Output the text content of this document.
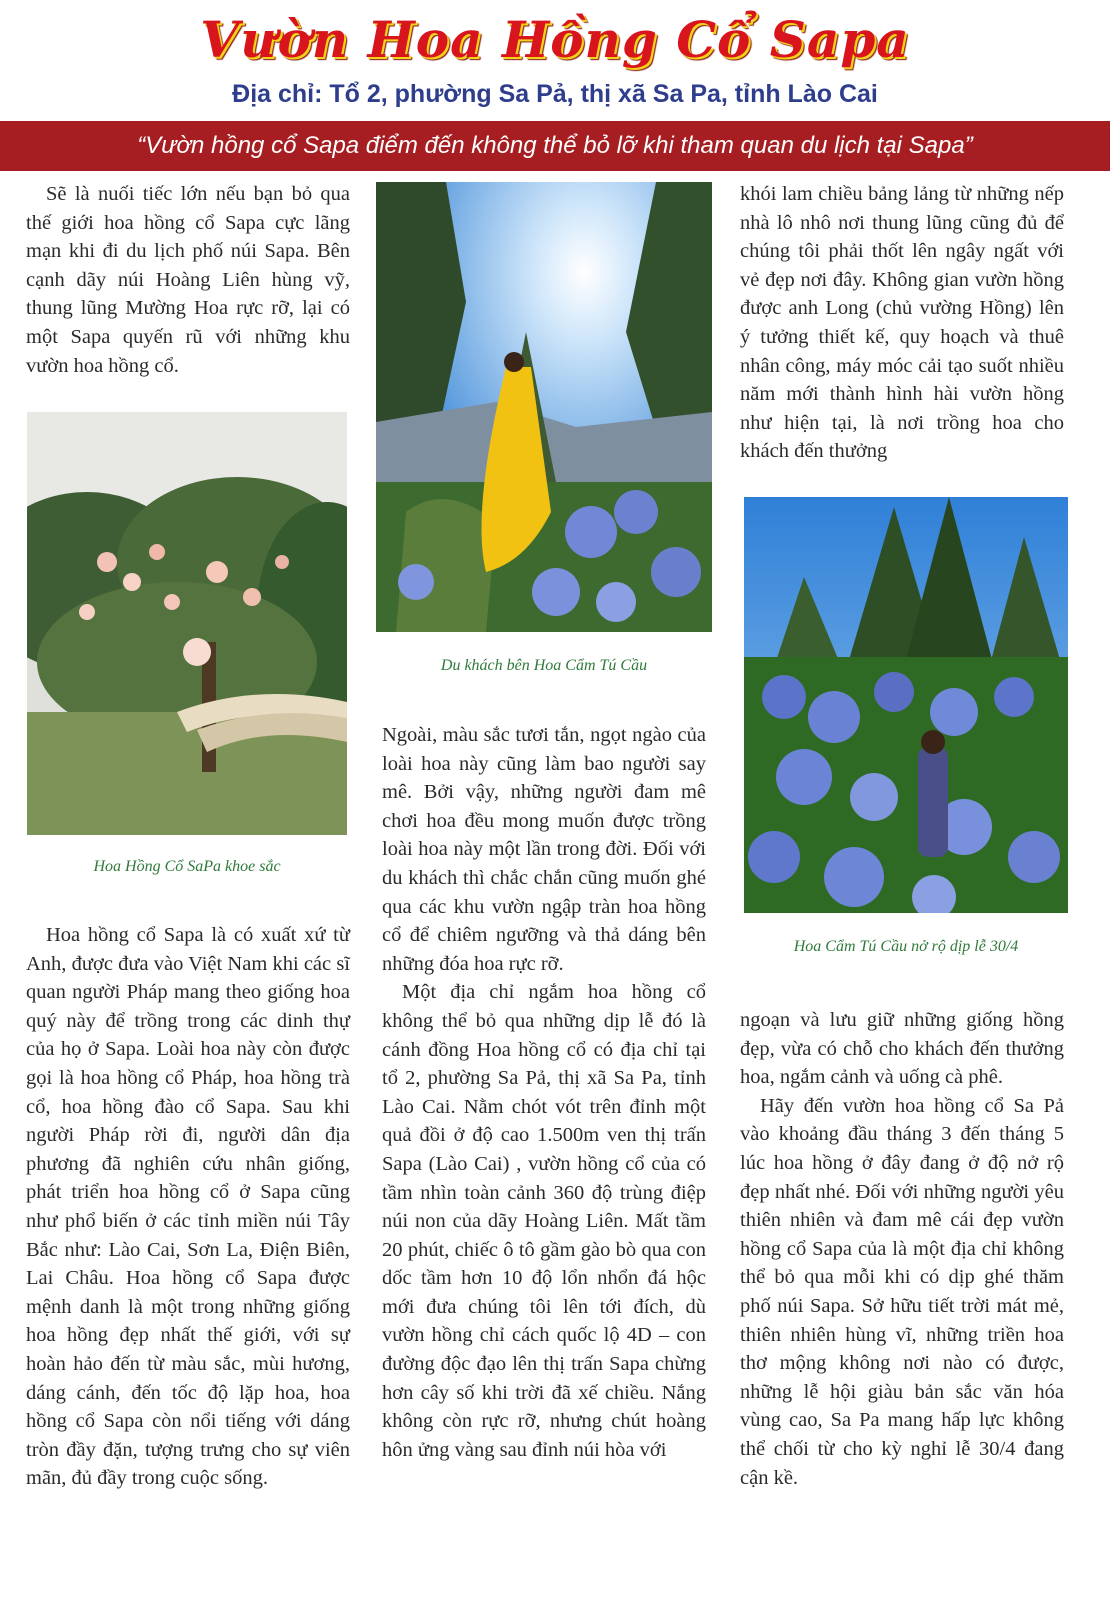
Vườn Hoa Hồng Cổ Sapa
Địa chỉ: Tổ 2, phường Sa Pả, thị xã Sa Pa, tỉnh Lào Cai
“Vườn hồng cổ Sapa điểm đến không thể bỏ lỡ khi tham quan du lịch tại Sapa”

Sẽ là nuối tiếc lớn nếu bạn bỏ qua thế giới hoa hồng cổ Sapa cực lãng mạn khi đi du lịch phố núi Sapa. Bên cạnh dãy núi Hoàng Liên hùng vỹ, thung lũng Mường Hoa rực rỡ, lại có một Sapa quyến rũ với những khu vườn hoa hồng cổ.

Hoa Hồng Cổ SaPa khoe sắc

Hoa hồng cổ Sapa là có xuất xứ từ Anh, được đưa vào Việt Nam khi các sĩ quan người Pháp mang theo giống hoa quý này để trồng trong các dinh thự của họ ở Sapa. Loài hoa này còn được gọi là hoa hồng cổ Pháp, hoa hồng trà cổ, hoa hồng đào cổ Sapa. Sau khi người Pháp rời đi, người dân địa phương đã nghiên cứu nhân giống, phát triển hoa hồng cổ ở Sapa cũng như phổ biến ở các tỉnh miền núi Tây Bắc như: Lào Cai, Sơn La, Điện Biên, Lai Châu. Hoa hồng cổ Sapa được mệnh danh là một trong những giống hoa hồng đẹp nhất thế giới, với sự hoàn hảo đến từ màu sắc, mùi hương, dáng cánh, đến tốc độ lặp hoa, hoa hồng cổ Sapa còn nổi tiếng với dáng tròn đầy đặn, tượng trưng cho sự viên mãn, đủ đầy trong cuộc sống.

Du khách bên Hoa Cẩm Tú Cầu

Ngoài, màu sắc tươi tắn, ngọt ngào của loài hoa này cũng làm bao người say mê. Bởi vậy, những người đam mê chơi hoa đều mong muốn được trồng loài hoa này một lần trong đời. Đối với du khách thì chắc chắn cũng muốn ghé qua các khu vườn ngập tràn hoa hồng cổ để chiêm ngưỡng và thả dáng bên những đóa hoa rực rỡ.

Một địa chỉ ngắm hoa hồng cổ không thể bỏ qua những dịp lễ đó là cánh đồng Hoa hồng cổ có địa chỉ tại tổ 2, phường Sa Pả, thị xã Sa Pa, tỉnh Lào Cai. Nằm chót vót trên đỉnh một quả đồi ở độ cao 1.500m ven thị trấn Sapa (Lào Cai) , vườn hồng cổ của có tầm nhìn toàn cảnh 360 độ trùng điệp núi non của dãy Hoàng Liên. Mất tầm 20 phút, chiếc ô tô gầm gào bò qua con dốc tầm hơn 10 độ lổn nhổn đá hộc mới đưa chúng tôi lên tới đích, dù vườn hồng chỉ cách quốc lộ 4D – con đường độc đạo lên thị trấn Sapa chừng hơn cây số khi trời đã xế chiều. Nắng không còn rực rỡ, nhưng chút hoàng hôn ửng vàng sau đỉnh núi hòa với

khói lam chiều bảng lảng từ những nếp nhà lô nhô nơi thung lũng cũng đủ để chúng tôi phải thốt lên ngây ngất với vẻ đẹp nơi đây. Không gian vườn hồng được anh Long (chủ vường Hồng) lên ý tưởng thiết kế, quy hoạch và thuê nhân công, máy móc cải tạo suốt nhiều năm mới thành hình hài vườn hồng như hiện tại, là nơi trồng hoa cho khách đến thưởng

Hoa Cẩm Tú Cầu nở rộ dịp lễ 30/4

ngoạn và lưu giữ những giống hồng đẹp, vừa có chỗ cho khách đến thưởng hoa, ngắm cảnh và uống cà phê.

Hãy đến vườn hoa hồng cổ Sa Pả vào khoảng đầu tháng 3 đến tháng 5 lúc hoa hồng ở đây đang ở độ nở rộ đẹp nhất nhé. Đối với những người yêu thiên nhiên và đam mê cái đẹp vườn hồng cổ Sapa của là một địa chỉ không thể bỏ qua mỗi khi có dịp ghé thăm phố núi Sapa. Sở hữu tiết trời mát mẻ, thiên nhiên hùng vĩ, những triền hoa thơ mộng không nơi nào có được, những lễ hội giàu bản sắc văn hóa vùng cao, Sa Pa mang hấp lực không thể chối từ cho kỳ nghỉ lễ 30/4 đang cận kề.
